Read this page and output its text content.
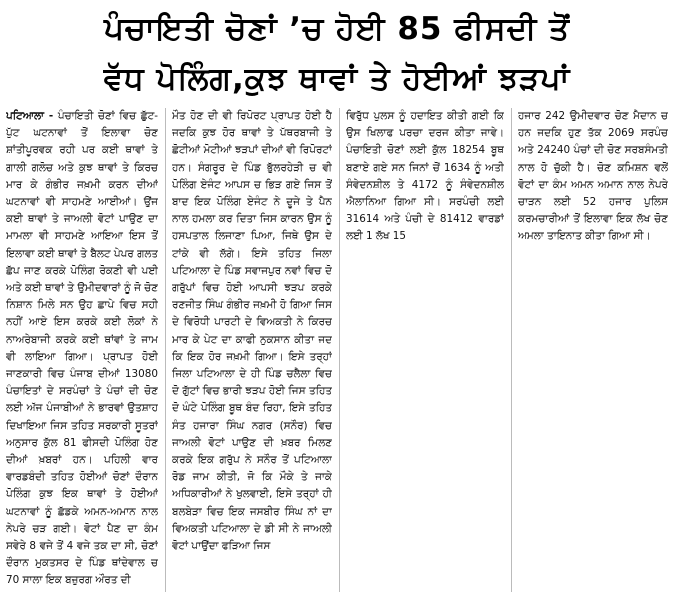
ਪੰਚਾਇਤੀ ਚੋਣਾਂ ’ਚ ਹੋਈ 85 ਫੀਸਦੀ ਤੋਂ
ਵੱਧ ਪੋਲਿੰਗ,ਕੁਝ ਥਾਵਾਂ ਤੇ ਹੋਈਆਂ ਝੜਪਾਂ

ਪਟਿਆਲਾ - ਪੰਚਾਇਤੀ ਚੋਣਾਂ ਵਿਚ ਛੁੱਟ-ਪੁੱਟ ਘਟਨਾਵਾਂ ਤੋਂ ਇਲਾਵਾ ਚੋਣ ਸ਼ਾਂਤੀਪੂਰਵਕ ਰਹੀ ਪਰ ਕਈ ਥਾਵਾਂ ਤੇ ਗਾਲੀ ਗਲੋਚ ਅਤੇ ਕੁਝ ਥਾਵਾਂ ਤੇ ਕਿਰਚ ਮਾਰ ਕੇ ਗੰਭੀਰ ਜਖ਼ਮੀ ਕਰਨ ਦੀਆਂ ਘਟਨਾਵਾਂ ਵੀ ਸਾਹਮਣੇ ਆਈਆਂ। ਉਂਜ ਕਈ ਥਾਵਾਂ ਤੇ ਜਾਅਲੀ ਵੋਟਾਂ ਪਾਉਣ ਦਾ ਮਾਮਲਾ ਵੀ ਸਾਹਮਣੇ ਆਇਆ ਇਸ ਤੋਂ ਇਲਾਵਾ ਕਈ ਥਾਵਾਂ ਤੇ ਬੈਲਟ ਪੇਪਰ ਗਲਤ ਛੱਪ ਜਾਣ ਕਰਕੇ ਪੋਲਿੰਗ ਰੋਕਣੀ ਵੀ ਪਈ ਅਤੇ ਕਈ ਥਾਵਾਂ ਤੇ ਉਮੀਦਵਾਰਾਂ ਨੂੰ ਜੋ ਚੋਣ ਨਿਸ਼ਾਨ ਮਿਲੇ ਸਨ ਉਹ ਛਾਪੇ ਵਿਚ ਸਹੀ ਨਹੀਂ ਆਏ ਇਸ ਕਰਕੇ ਕਈ ਲੋਕਾਂ ਨੇ ਨਾਅਰੇਬਾਜੀ ਕਰਕੇ ਕਈ ਥਾਂਵਾਂ ਤੇ ਜਾਮ ਵੀ ਲਾਇਆ ਗਿਆ। ਪ੍ਰਾਪਤ ਹੋਈ ਜਾਣਕਾਰੀ ਵਿਚ ਪੰਜਾਬ ਦੀਆਂ 13080 ਪੰਚਾਇਤਾਂ ਦੇ ਸਰਪੰਚਾਂ ਤੇ ਪੰਚਾਂ ਦੀ ਚੋਣ ਲਈ ਅੱਜ ਪੰਜਾਬੀਆਂ ਨੇ ਭਾਰਵਾਂ ਉਤਸ਼ਾਹ ਦਿਖਾਇਆ ਜਿਸ ਤਹਿਤ ਸਰਕਾਰੀ ਸੂਤਰਾਂ ਅਨੁਸਾਰ ਕੁੱਲ 81 ਫੀਸਦੀ ਪੋਲਿੰਗ ਹੋਣ ਦੀਆਂ ਖ਼ਬਰਾਂ ਹਨ। ਪਹਿਲੀ ਵਾਰ ਵਾਰਡਬੰਦੀ ਤਹਿਤ ਹੋਈਆਂ ਚੋਣਾਂ ਦੌਰਾਨ ਪੋਲਿੰਗ ਕੁਝ ਇਕ ਥਾਵਾਂ ਤੇ ਹੋਈਆਂ ਘਟਨਾਵਾਂ ਨੂੰ ਛੱਡਕੇ ਅਮਨ-ਅਮਾਨ ਨਾਲ ਨੇਪਰੇ ਚੜ ਗਈ। ਵੋਟਾਂ ਪੈਣ ਦਾ ਕੰਮ ਸਵੇਰੇ 8 ਵਜੇ ਤੋਂ 4 ਵਜੇ ਤਕ ਦਾ ਸੀ, ਚੋਣਾਂ ਦੌਰਾਨ ਮੁਕਤਸਰ ਦੇ ਪਿੰਡ ਥਾਂਦੇਵਾਲ ਚ 70 ਸਾਲਾ ਇਕ ਬਜ਼ੁਰਗ ਔਰਤ ਦੀ

ਮੌਤ ਹੋਣ ਦੀ ਵੀ ਰਿਪੋਰਟ ਪ੍ਰਾਪਤ ਹੋਈ ਹੈ ਜਦਕਿ ਕੁਝ ਹੋਰ ਥਾਵਾਂ ਤੇ ਪੱਥਰਬਾਜੀ ਤੇ ਛੋਟੀਆਂ ਮੋਟੀਆਂ ਝੜਪਾਂ ਦੀਆਂ ਵੀ ਰਿਪੋਰਟਾਂ ਹਨ। ਸੰਗਰੂਰ ਦੇ ਪਿੰਡ ਭੁੱਲਰਹੇੜੀ ਚ ਵੀ ਪੋਲਿੰਗ ਏਜੰਟ ਆਪਸ ਚ ਭਿੜ ਗਏ ਜਿਸ ਤੋਂ ਬਾਦ ਇਕ ਪੋਲਿੰਗ ਏਜੰਟ ਨੇ ਦੂਜੇ ਤੇ ਪੈਨ ਨਾਲ ਹਮਲਾ ਕਰ ਦਿਤਾ ਜਿਸ ਕਾਰਨ ਉਸ ਨੂੰ ਹਸਪਤਾਲ ਲਿਜਾਣਾ ਪਿਆ, ਜਿਥੇ ਉਸ ਦੇ ਟਾਂਕੇ ਵੀ ਲੱਗੇ। ਇਸੇ ਤਹਿਤ ਜਿਲਾ ਪਟਿਆਲਾ ਦੇ ਪਿੰਡ ਸਵਾਜਪੁਰ ਨਵਾਂ ਵਿਚ ਦੋ ਗਰੁੱਪਾਂ ਵਿਚ ਹੋਈ ਆਪਸੀ ਝੜਪ ਕਰਕੇ ਰਣਜੀਤ ਸਿੰਘ ਗੰਭੀਰ ਜਖ਼ਮੀ ਹੋ ਗਿਆ ਜਿਸ ਦੇ ਵਿਰੋਧੀ ਪਾਰਟੀ ਦੇ ਵਿਅਕਤੀ ਨੇ ਕਿਰਚ ਮਾਰ ਕੇ ਪੇਟ ਦਾ ਕਾਫੀ ਨੁਕਸਾਨ ਕੀਤਾ ਜਦ ਕਿ ਇਕ ਹੋਰ ਜਖ਼ਮੀ ਗਿਆ। ਇਸੇ ਤਰ੍ਹਾਂ ਜਿਲਾ ਪਟਿਆਲਾ ਦੇ ਹੀ ਪਿੰਡ ਚਲੈਲਾ ਵਿਚ ਦੋ ਗੁੱਟਾਂ ਵਿਚ ਭਾਰੀ ਝੜਪ ਹੋਈ ਜਿਸ ਤਹਿਤ ਦੋ ਘੰਟੇ ਪੋਲਿੰਗ ਬੂਥ ਬੰਦ ਰਿਹਾ, ਇਸੇ ਤਹਿਤ ਸੰਤ ਹਜਾਰਾ ਸਿੰਘ ਨਗਰ (ਸਨੌਰ) ਵਿਚ ਜਾਅਲੀ ਵੋਟਾਂ ਪਾਉਣ ਦੀ ਖ਼ਬਰ ਮਿਲਣ ਕਰਕੇ ਇਕ ਗਰੁੱਪ ਨੇ ਸਨੌਰ ਤੋਂ ਪਟਿਆਲਾ ਰੋਡ ਜਾਮ ਕੀਤੀ, ਜੋ ਕਿ ਮੌਕੇ ਤੇ ਜਾਕੇ ਅਧਿਕਾਰੀਆਂ ਨੇ ਖੁਲਵਾਈ, ਇਸੇ ਤਰ੍ਹਾਂ ਹੀ ਬਲਬੇੜਾ ਵਿਚ ਇਕ ਜਸਬੀਰ ਸਿੰਘ ਨਾਂ ਦਾ ਵਿਅਕਤੀ ਪਟਿਆਲਾ ਦੇ ਡੀ ਸੀ ਨੇ ਜਾਅਲੀ ਵੋਟਾਂ ਪਾਉਂਦਾ ਫੜਿਆ ਜਿਸ

ਵਿਰੁੱਧ ਪੁਲਸ ਨੂੰ ਹਦਾਇਤ ਕੀਤੀ ਗਈ ਕਿ ਉਸ ਖਿਲਾਫ ਪਰਚਾ ਦਰਜ ਕੀਤਾ ਜਾਵੇ। ਪੰਚਾਇਤੀ ਚੋਣਾਂ ਲਈ ਕੁੱਲ 18254 ਬੂਥ ਬਣਾਏ ਗਏ ਸਨ ਜਿਨਾਂ ਚੋਂ 1634 ਨੂੰ ਅਤੀ ਸੰਵੇਦਨਸ਼ੀਲ ਤੇ 4172 ਨੂੰ ਸੰਵੇਦਨਸ਼ੀਲ ਐਲਾਨਿਆ ਗਿਆ ਸੀ। ਸਰਪੰਚੀ ਲਈ 31614 ਅਤੇ ਪੰਚੀ ਦੇ 81412 ਵਾਰਡਾਂ ਲਈ 1 ਲੱਖ 15

ਹਜਾਰ 242 ਉਮੀਦਵਾਰ ਚੋਣ ਮੈਦਾਨ ਚ ਹਨ ਜਦਕਿ ਹੁਣ ਤੱਕ 2069 ਸਰਪੰਚ ਅਤੇ 24240 ਪੰਚਾਂ ਦੀ ਚੋਣ ਸਰਬਸੰਮਤੀ ਨਾਲ ਹੋ ਚੁੱਕੀ ਹੈ। ਚੋਣ ਕਮਿਸ਼ਨ ਵਲੋਂ ਵੋਟਾਂ ਦਾ ਕੰਮ ਅਮਨ ਅਮਾਨ ਨਾਲ ਨੇਪਰੇ ਚਾੜਨ ਲਈ 52 ਹਜਾਰ ਪੁਲਿਸ ਕਰਮਚਾਰੀਆਂ ਤੋਂ ਇਲਾਵਾ ਇਕ ਲੱਖ ਚੋਣ ਅਮਲਾ ਤਾਇਨਾਤ ਕੀਤਾ ਗਿਆ ਸੀ।
